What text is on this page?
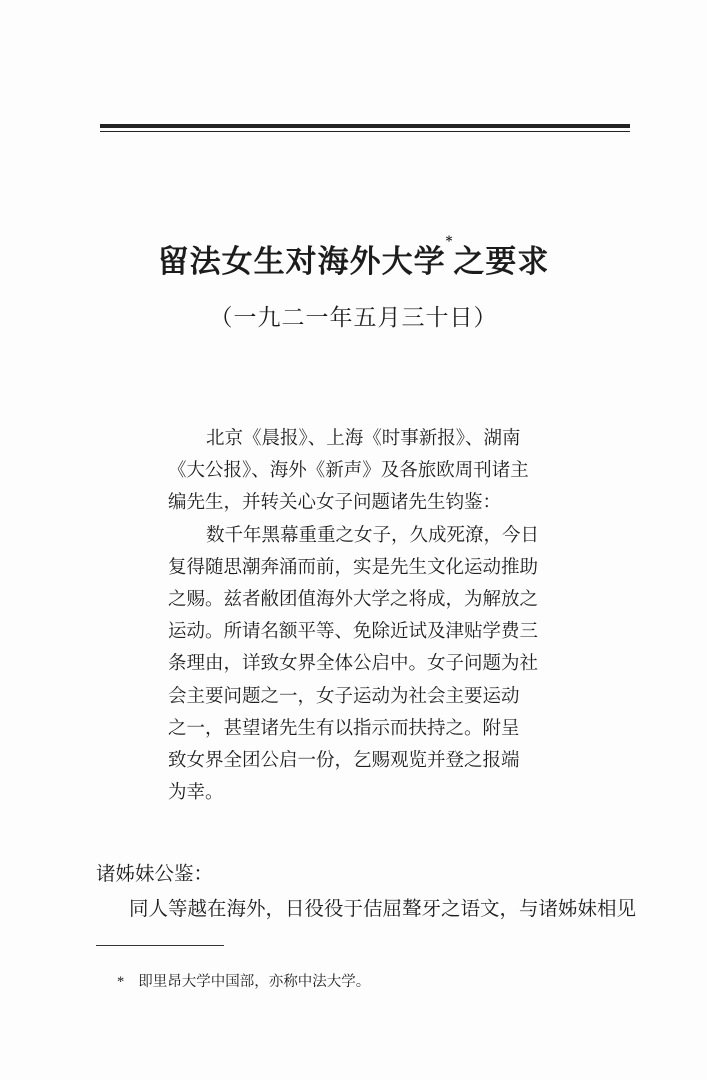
留法女生对海外大学*之要求
（一九二一年五月三十日）
北京《晨报》、上海《时事新报》、湖南
《大公报》、海外《新声》及各旅欧周刊诸主
编先生，并转关心女子问题诸先生钧鉴：
数千年黑幕重重之女子，久成死潦，今日
复得随思潮奔涌而前，实是先生文化运动推助
之赐。兹者敝团值海外大学之将成，为解放之
运动。所请名额平等、免除近试及津贴学费三
条理由，详致女界全体公启中。女子问题为社
会主要问题之一，女子运动为社会主要运动
之一，甚望诸先生有以指示而扶持之。附呈
致女界全团公启一份，乞赐观览并登之报端
为幸。
诸姊妹公鉴：
同人等越在海外，日役役于佶屈聱牙之语文，与诸姊妹相见
* 即里昂大学中国部，亦称中法大学。
